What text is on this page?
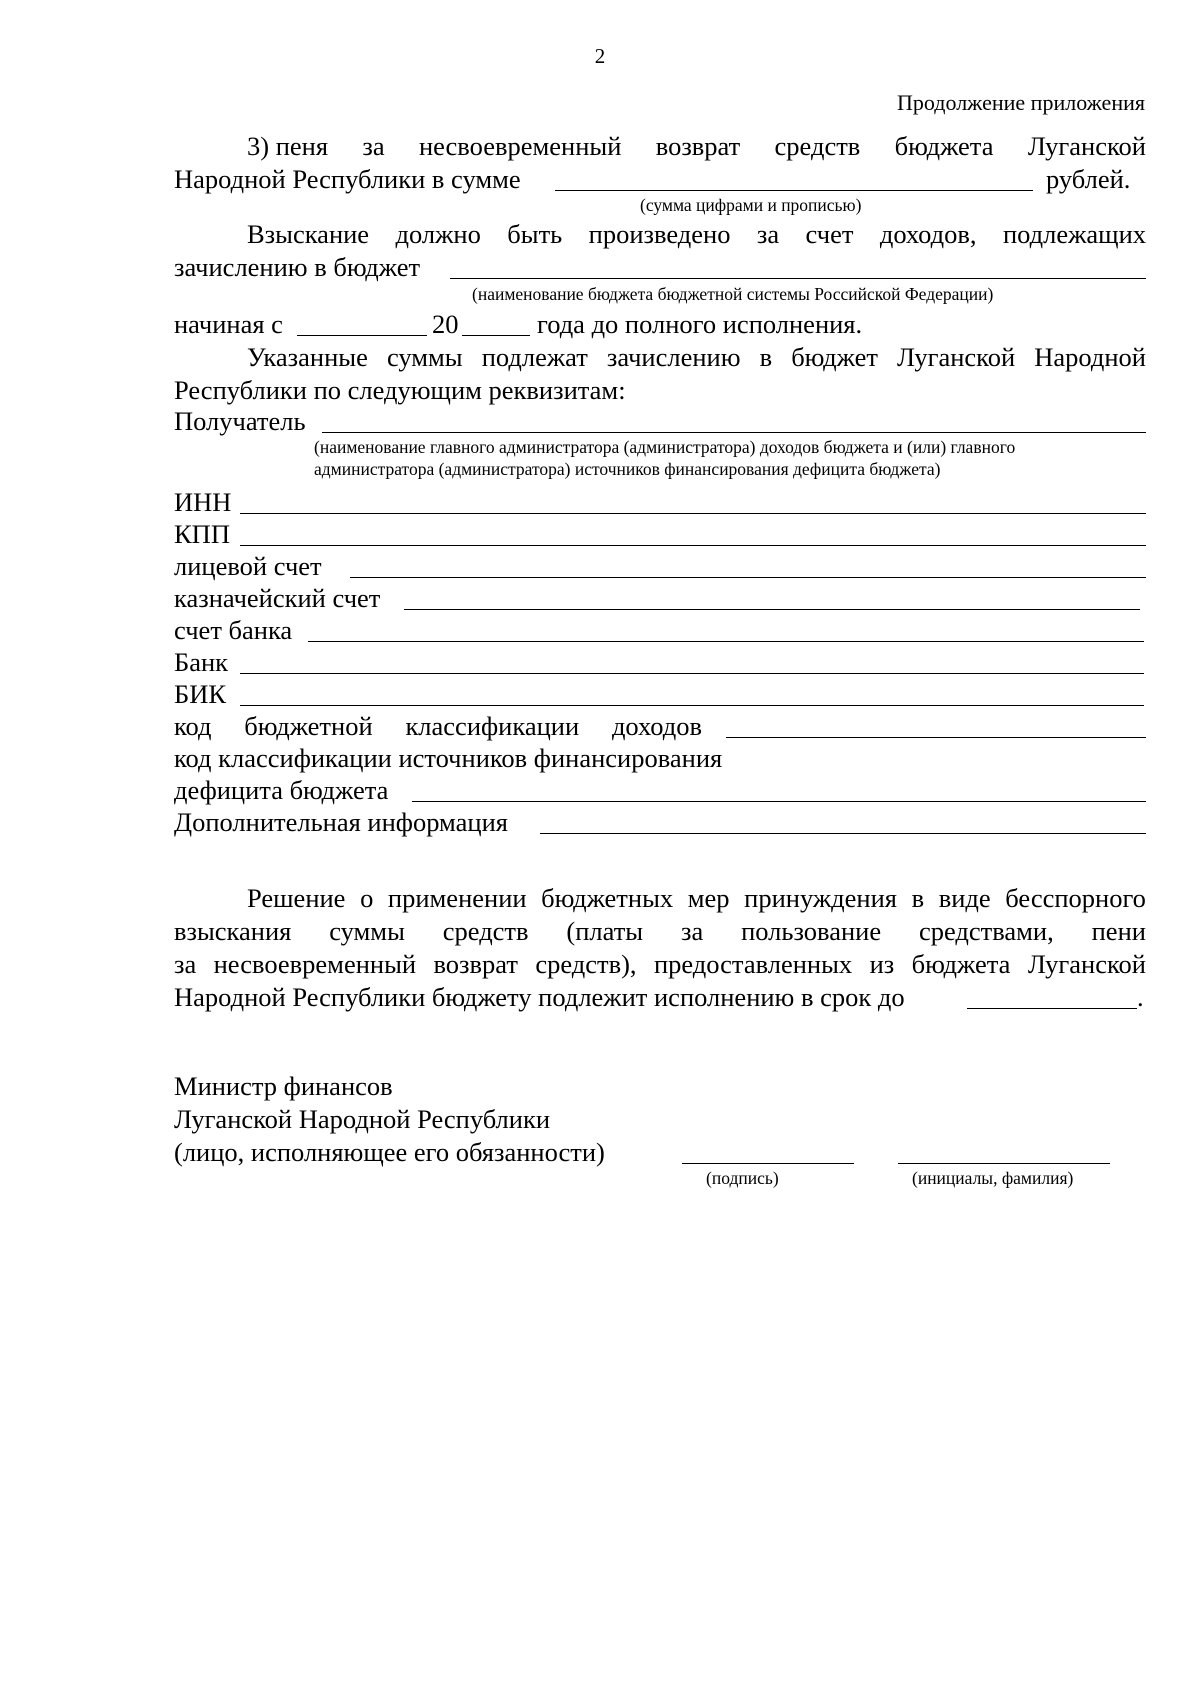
2
Продолжение приложения
3) пеня за несвоевременный возврат средств бюджета Луганской
Народной Республики в сумме	рублей.
(сумма цифрами и прописью)
Взыскание должно быть произведено за счет доходов, подлежащих
зачислению в бюджет
(наименование бюджета бюджетной системы Российской Федерации)
начиная с	20	года до полного исполнения.
Указанные суммы подлежат зачислению в бюджет Луганской Народной
Республики по следующим реквизитам:
Получатель
(наименование главного администратора (администратора) доходов бюджета и (или) главного
администратора (администратора) источников финансирования дефицита бюджета)
ИНН
КПП
лицевой счет
казначейский счет
счет банка
Банк
БИК
код бюджетной классификации доходов
код классификации источников финансирования
дефицита бюджета
Дополнительная информация
Решение о применении бюджетных мер принуждения в виде бесспорного
взыскания суммы средств (платы за пользование средствами, пени
за несвоевременный возврат средств), предоставленных из бюджета Луганской
Народной Республики бюджету подлежит исполнению в срок до	.
Министр финансов
Луганской Народной Республики
(лицо, исполняющее его обязанности)
(подпись)	(инициалы, фамилия)
